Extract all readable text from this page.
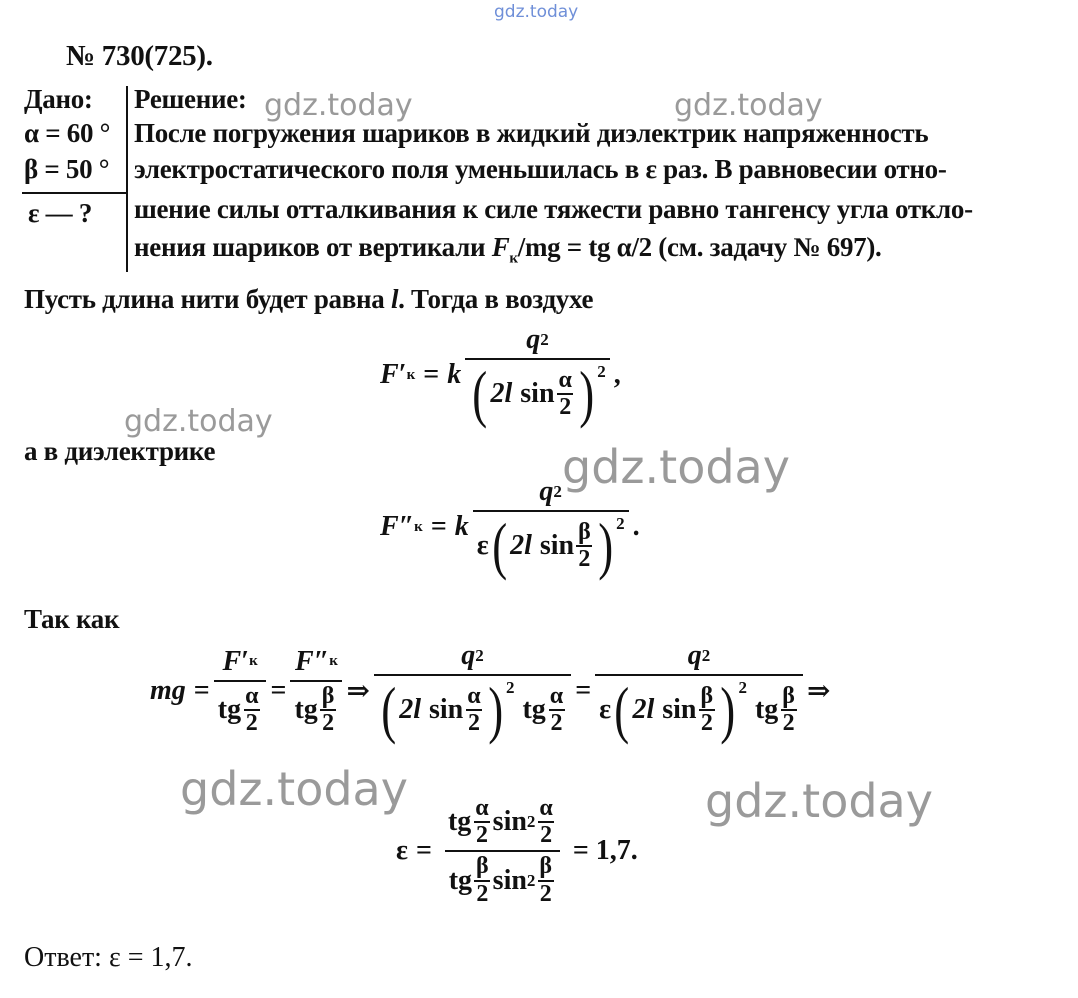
gdz.today
gdz.today	gdz.today
gdz.today
gdz.today
gdz.today	gdz.today
№ 730(725).
Дано:
α = 60 °
β = 50 °
ε — ?
Решение:
После погружения шариков в жидкий диэлектрик напряженность
электростатического поля уменьшилась в ε раз. В равновесии отно-
шение силы отталкивания к силе тяжести равно тангенсу угла откло-
нения шариков от вертикали $F_к/mg$ = tg α/2 (см. задачу № 697).
Пусть длина нити будет равна l. Тогда в воздухе
F ′ к = k $\frac{q 2}{( 2l \sin \frac{\alpha}{2} )^2}$ ,
а в диэлектрике
F ″ к = k $\frac{q 2}{\varepsilon ( 2l \sin \frac{\beta}{2} )^2}$ .
Так как
mg = $\frac{F ' к}{tg \frac{\alpha}{2}} = \frac{F '' к}{tg \frac{\beta}{2}}$ ⇒ q 2
( 2l $\sin \frac{\alpha}{2} )^2$
tg $\frac{\alpha}{2} = q$ 2
ε ( 2l $\sin \frac{\beta}{2} )^2$
tg $\frac{\beta}{2}$ ⇒
$\varepsilon = \frac{tg \frac{\alpha}{2} \sin 2 \frac{\alpha}{2}}{tg \frac{\beta}{2} \sin 2 \frac{\beta}{2}} = 1,7$.
Ответ: ε = 1,7.
